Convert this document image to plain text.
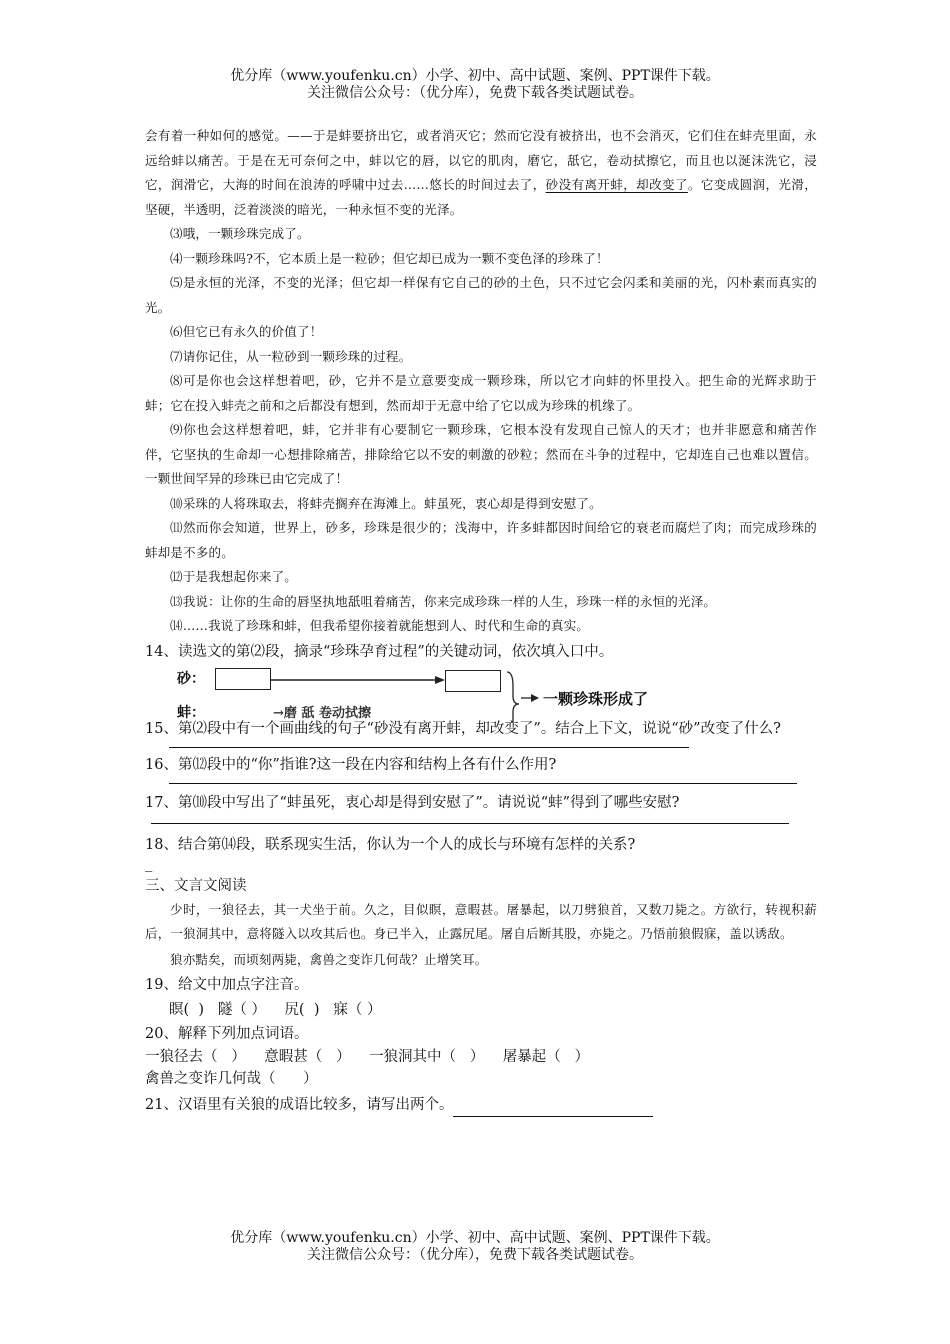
优分库（www.youfenku.cn）小学、初中、高中试题、案例、PPT课件下载。
关注微信公众号：（优分库），免费下载各类试题试卷。
会有着一种如何的感觉。——于是蚌要挤出它，或者消灭它；然而它没有被挤出，也不会消灭，它们住在蚌壳里面，永远给蚌以痛苦。于是在无可奈何之中，蚌以它的唇，以它的肌肉，磨它，舐它，卷动拭擦它，而且也以涎沫洗它，浸它，润滑它，大海的时间在浪涛的呼啸中过去……悠长的时间过去了，砂没有离开蚌，却改变了。它变成圆润，光滑，坚硬，半透明，泛着淡淡的暗光，一种永恒不变的光泽。
⑶哦，一颗珍珠完成了。
⑷一颗珍珠吗?不，它本质上是一粒砂；但它却已成为一颗不变色泽的珍珠了！
⑸是永恒的光泽，不变的光泽；但它却一样保有它自己的砂的土色，只不过它会闪柔和美丽的光，闪朴素而真实的光。
⑹但它已有永久的价值了！
⑺请你记住，从一粒砂到一颗珍珠的过程。
⑻可是你也会这样想着吧，砂，它并不是立意要变成一颗珍珠，所以它才向蚌的怀里投入。把生命的光辉求助于蚌；它在投入蚌壳之前和之后都没有想到，然而却于无意中给了它以成为珍珠的机缘了。
⑼你也会这样想着吧，蚌，它并非有心要制它一颗珍珠，它根本没有发现自己惊人的天才；也并非愿意和痛苦作伴，它坚执的生命却一心想排除痛苦，排除给它以不安的刺激的砂粒；然而在斗争的过程中，它却连自己也难以置信。一颗世间罕异的珍珠已由它完成了！
⑽采珠的人将珠取去，将蚌壳搁弃在海滩上。蚌虽死，衷心却是得到安慰了。
⑾然而你会知道，世界上，砂多，珍珠是很少的；浅海中，许多蚌都因时间给它的衰老而腐烂了肉；而完成珍珠的蚌却是不多的。
⑿于是我想起你来了。
⒀我说：让你的生命的唇坚执地舐咀着痛苦，你来完成珍珠一样的人生，珍珠一样的永恒的光泽。
⒁……我说了珍珠和蚌，但我希望你接着就能想到人、时代和生命的真实。
14、读选文的第⑵段，摘录“珍珠孕育过程”的关键动词，依次填入口中。
砂：
一颗珍珠形成了
蚌：	→磨 舐 卷动拭擦
15、第⑵段中有一个画曲线的句子“砂没有离开蚌，却改变了”。结合上下文，说说“砂”改变了什么?
16、第⑿段中的“你”指谁?这一段在内容和结构上各有什么作用?
17、第⑽段中写出了“蚌虽死，衷心却是得到安慰了”。请说说“蚌”得到了哪些安慰?
18、结合第⒁段，联系现实生活，你认为一个人的成长与环境有怎样的关系?
_
三、文言文阅读
少时，一狼径去，其一犬坐于前。久之，目似瞑，意暇甚。屠暴起，以刀劈狼首，又数刀毙之。方欲行，转视积薪后，一狼洞其中，意将隧入以攻其后也。身已半入，止露尻尾。屠自后断其股，亦毙之。乃悟前狼假寐，盖以诱敌。
狼亦黠矣，而顷刻两毙，禽兽之变诈几何哉？止增笑耳。
19、给文中加点字注音。
瞑( ) 隧（ ） 尻( ) 寐（ ）
20、解释下列加点词语。
一狼径去（ ） 意暇甚（ ） 一狼洞其中（ ） 屠暴起（ ）
禽兽之变诈几何哉（ ）
21、汉语里有关狼的成语比较多，请写出两个。
优分库（www.youfenku.cn）小学、初中、高中试题、案例、PPT课件下载。
关注微信公众号：（优分库），免费下载各类试题试卷。
